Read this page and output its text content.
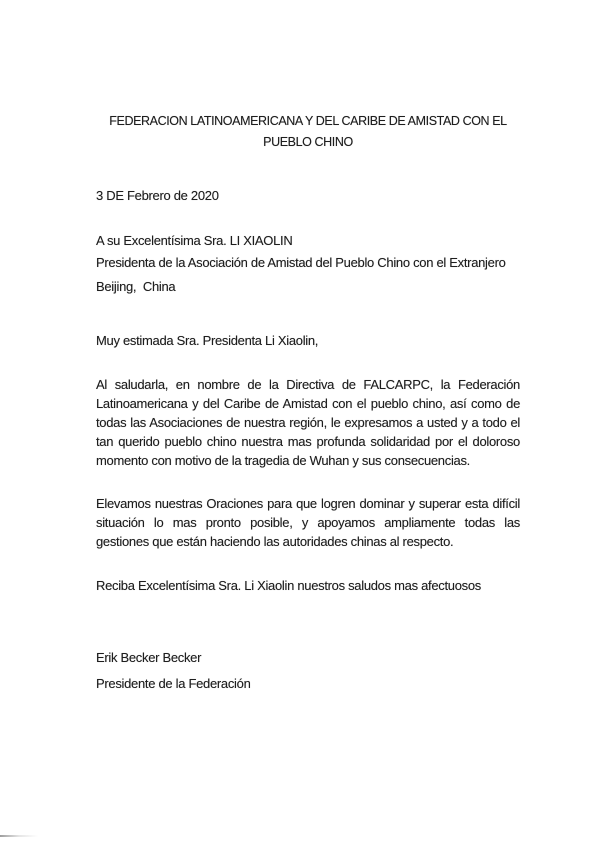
FEDERACION LATINOAMERICANA Y DEL CARIBE DE AMISTAD CON EL
PUEBLO CHINO
3 DE Febrero de 2020
A su Excelentísima Sra. LI XIAOLIN
Presidenta de la Asociación de Amistad del Pueblo Chino con el Extranjero
Beijing,  China
Muy estimada Sra. Presidenta Li Xiaolin,

Al saludarla, en nombre de la Directiva de FALCARPC, la Federación Latinoamericana y del Caribe de Amistad con el pueblo chino, así como de todas las Asociaciones de nuestra región, le expresamos a usted y a todo el tan querido pueblo chino nuestra mas profunda solidaridad por el doloroso momento con motivo de la tragedia de Wuhan y sus consecuencias.

Elevamos nuestras Oraciones para que logren dominar y superar esta difícil situación lo mas pronto posible, y apoyamos ampliamente todas las gestiones que están haciendo las autoridades chinas al respecto.

Reciba Excelentísima Sra. Li Xiaolin nuestros saludos mas afectuosos
Erik Becker Becker
Presidente de la Federación
